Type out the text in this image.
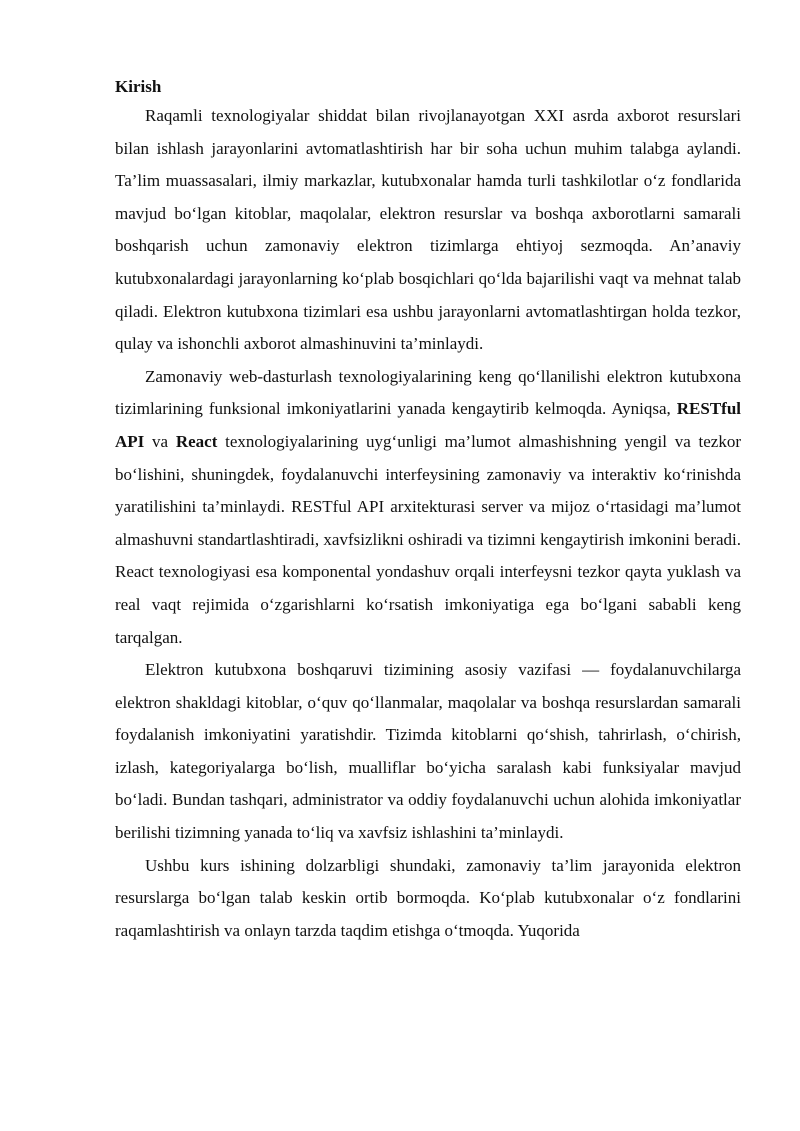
Kirish

Raqamli texnologiyalar shiddat bilan rivojlanayotgan XXI asrda axborot resurslari bilan ishlash jarayonlarini avtomatlashtirish har bir soha uchun muhim talabga aylandi. Ta’lim muassasalari, ilmiy markazlar, kutubxonalar hamda turli tashkilotlar o‘z fondlarida mavjud bo‘lgan kitoblar, maqolalar, elektron resurslar va boshqa axborotlarni samarali boshqarish uchun zamonaviy elektron tizimlarga ehtiyoj sezmoqda. An’anaviy kutubxonalardagi jarayonlarning ko‘plab bosqichlari qo‘lda bajarilishi vaqt va mehnat talab qiladi. Elektron kutubxona tizimlari esa ushbu jarayonlarni avtomatlashtirgan holda tezkor, qulay va ishonchli axborot almashinuvini ta’minlaydi.

Zamonaviy web-dasturlash texnologiyalarining keng qo‘llanilishi elektron kutubxona tizimlarining funksional imkoniyatlarini yanada kengaytirib kelmoqda. Ayniqsa, RESTful API va React texnologiyalarining uyg‘unligi ma’lumot almashishning yengil va tezkor bo‘lishini, shuningdek, foydalanuvchi interfeysining zamonaviy va interaktiv ko‘rinishda yaratilishini ta’minlaydi. RESTful API arxitekturasi server va mijoz o‘rtasidagi ma’lumot almashuvni standartlashtiradi, xavfsizlikni oshiradi va tizimni kengaytirish imkonini beradi. React texnologiyasi esa komponental yondashuv orqali interfeysni tezkor qayta yuklash va real vaqt rejimida o‘zgarishlarni ko‘rsatish imkoniyatiga ega bo‘lgani sababli keng tarqalgan.

Elektron kutubxona boshqaruvi tizimining asosiy vazifasi — foydalanuvchilarga elektron shakldagi kitoblar, o‘quv qo‘llanmalar, maqolalar va boshqa resurslardan samarali foydalanish imkoniyatini yaratishdir. Tizimda kitoblarni qo‘shish, tahrirlash, o‘chirish, izlash, kategoriyalarga bo‘lish, mualliflar bo‘yicha saralash kabi funksiyalar mavjud bo‘ladi. Bundan tashqari, administrator va oddiy foydalanuvchi uchun alohida imkoniyatlar berilishi tizimning yanada to‘liq va xavfsiz ishlashini ta’minlaydi.

Ushbu kurs ishining dolzarbligi shundaki, zamonaviy ta’lim jarayonida elektron resurslarga bo‘lgan talab keskin ortib bormoqda. Ko‘plab kutubxonalar o‘z fondlarini raqamlashtirish va onlayn tarzda taqdim etishga o‘tmoqda. Yuqorida
